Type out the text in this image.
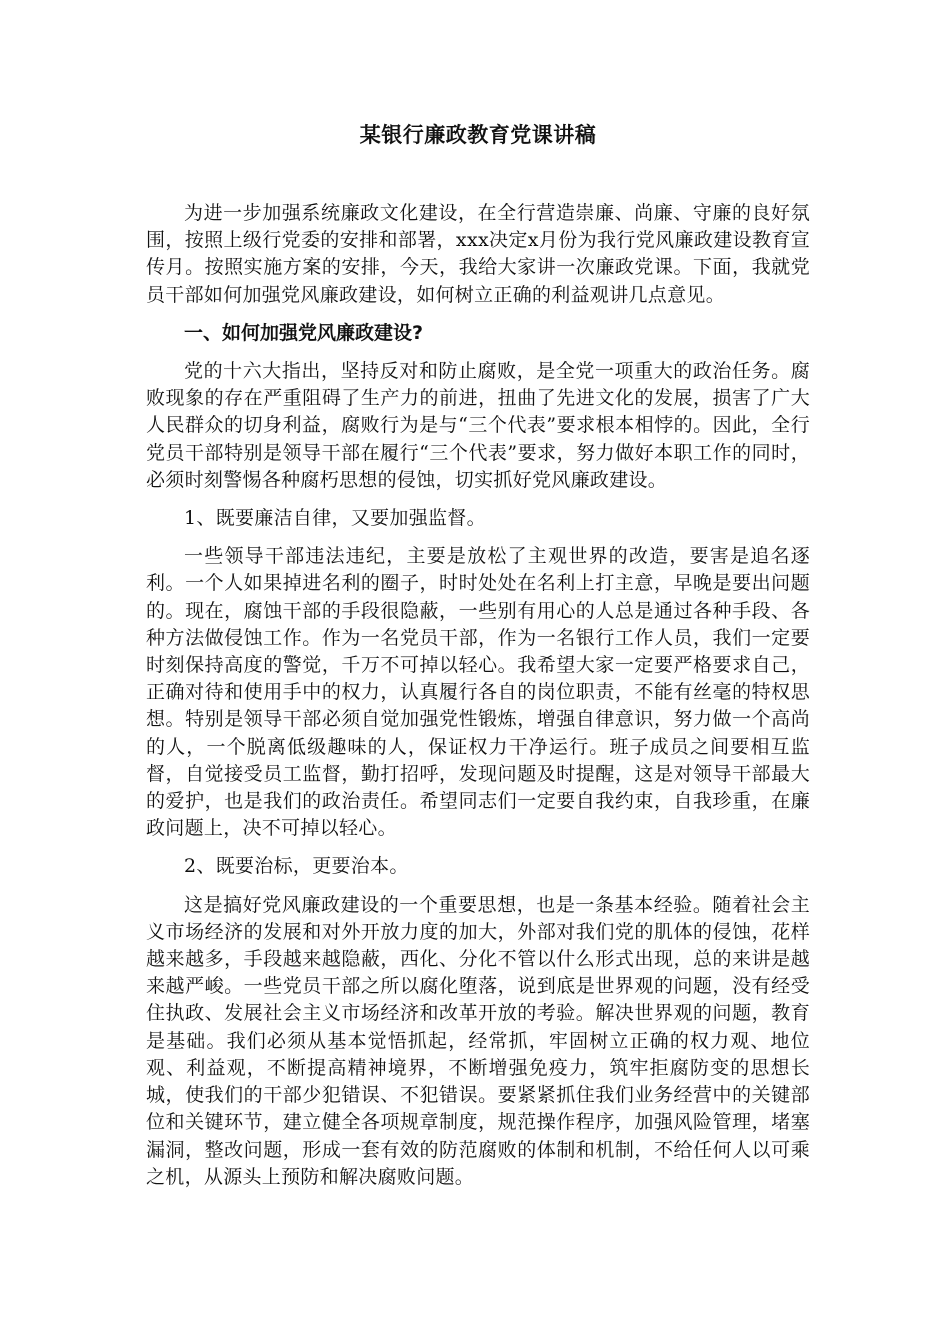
某银行廉政教育党课讲稿

为进一步加强系统廉政文化建设，在全行营造崇廉、尚廉、守廉的良好氛围，按照上级行党委的安排和部署，xxx决定x月份为我行党风廉政建设教育宣传月。按照实施方案的安排，今天，我给大家讲一次廉政党课。下面，我就党员干部如何加强党风廉政建设，如何树立正确的利益观讲几点意见。

一、如何加强党风廉政建设?

党的十六大指出，坚持反对和防止腐败，是全党一项重大的政治任务。腐败现象的存在严重阻碍了生产力的前进，扭曲了先进文化的发展，损害了广大人民群众的切身利益，腐败行为是与“三个代表”要求根本相悖的。因此，全行党员干部特别是领导干部在履行“三个代表”要求，努力做好本职工作的同时，必须时刻警惕各种腐朽思想的侵蚀，切实抓好党风廉政建设。

1、既要廉洁自律，又要加强监督。

一些领导干部违法违纪，主要是放松了主观世界的改造，要害是追名逐利。一个人如果掉进名利的圈子，时时处处在名利上打主意，早晚是要出问题的。现在，腐蚀干部的手段很隐蔽，一些别有用心的人总是通过各种手段、各种方法做侵蚀工作。作为一名党员干部，作为一名银行工作人员，我们一定要时刻保持高度的警觉，千万不可掉以轻心。我希望大家一定要严格要求自己，正确对待和使用手中的权力，认真履行各自的岗位职责，不能有丝毫的特权思想。特别是领导干部必须自觉加强党性锻炼，增强自律意识，努力做一个高尚的人，一个脱离低级趣味的人，保证权力干净运行。班子成员之间要相互监督，自觉接受员工监督，勤打招呼，发现问题及时提醒，这是对领导干部最大的爱护，也是我们的政治责任。希望同志们一定要自我约束，自我珍重，在廉政问题上，决不可掉以轻心。

2、既要治标，更要治本。

这是搞好党风廉政建设的一个重要思想，也是一条基本经验。随着社会主义市场经济的发展和对外开放力度的加大，外部对我们党的肌体的侵蚀，花样越来越多，手段越来越隐蔽，西化、分化不管以什么形式出现，总的来讲是越来越严峻。一些党员干部之所以腐化堕落，说到底是世界观的问题，没有经受住执政、发展社会主义市场经济和改革开放的考验。解决世界观的问题，教育是基础。我们必须从基本觉悟抓起，经常抓，牢固树立正确的权力观、地位观、利益观，不断提高精神境界，不断增强免疫力，筑牢拒腐防变的思想长城，使我们的干部少犯错误、不犯错误。要紧紧抓住我们业务经营中的关键部位和关键环节，建立健全各项规章制度，规范操作程序，加强风险管理，堵塞漏洞，整改问题，形成一套有效的防范腐败的体制和机制，不给任何人以可乘之机，从源头上预防和解决腐败问题。
